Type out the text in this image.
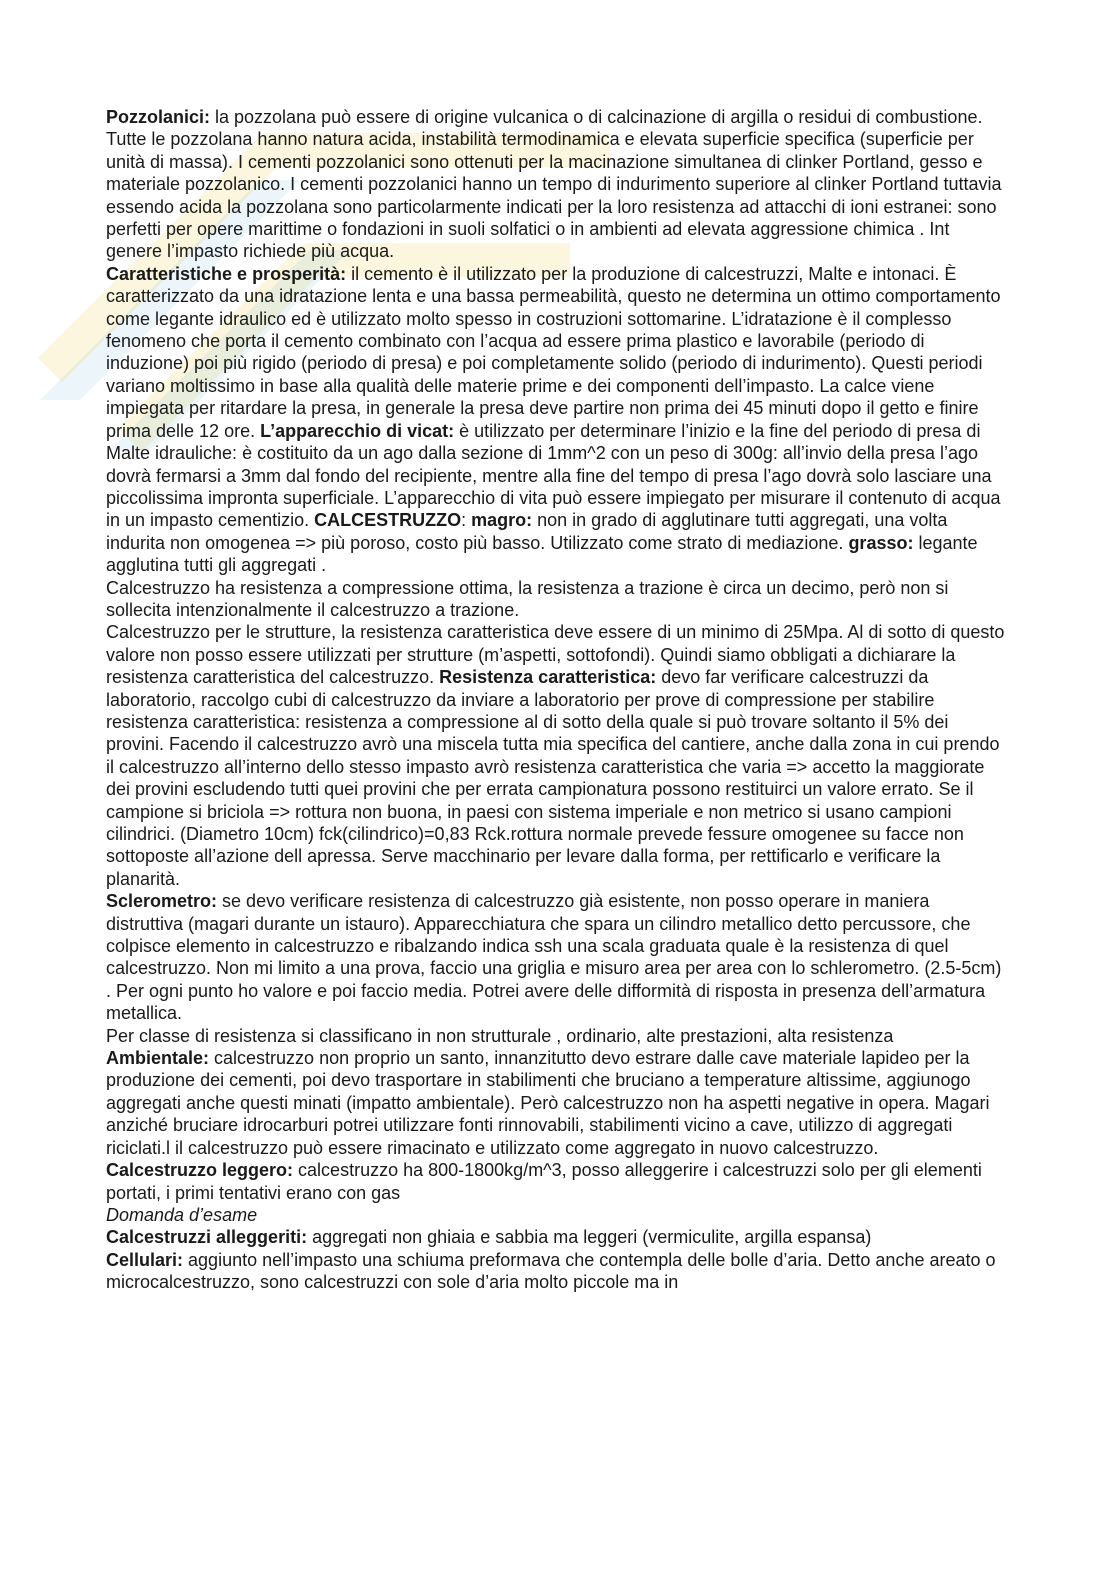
Pozzolanici: la pozzolana può essere di origine vulcanica o di calcinazione di argilla o residui di combustione. Tutte le pozzolana hanno natura acida, instabilità termodinamica e elevata superficie specifica (superficie per unità di massa). I cementi pozzolanici sono ottenuti per la macinazione simultanea di clinker Portland, gesso e materiale pozzolanico. I cementi pozzolanici hanno un tempo di indurimento superiore al clinker Portland tuttavia essendo acida la pozzolana sono particolarmente indicati per la loro resistenza ad attacchi di ioni estranei: sono perfetti per opere marittime o fondazioni in suoli solfatici o in ambienti ad elevata aggressione chimica . Int genere l’impasto richiede più acqua.

Caratteristiche e prosperità: il cemento è il utilizzato per la produzione di calcestruzzi, Malte e intonaci. È caratterizzato da una idratazione lenta e una bassa permeabilità, questo ne determina un ottimo comportamento come legante idraulico ed è utilizzato molto spesso in costruzioni sottomarine. L’idratazione è il complesso fenomeno che porta il cemento combinato con l’acqua ad essere prima plastico e lavorabile (periodo di induzione) poi più rigido (periodo di presa) e poi completamente solido (periodo di indurimento). Questi periodi variano moltissimo in base alla qualità delle materie prime e dei componenti dell’impasto. La calce viene impiegata per ritardare la presa, in generale la presa deve partire non prima dei 45 minuti dopo il getto e finire prima delle 12 ore. L’apparecchio di vicat: è utilizzato per determinare l’inizio e la fine del periodo di presa di Malte idrauliche: è costituito da un ago dalla sezione di 1mm^2 con un peso di 300g: all’invio della presa l’ago dovrà fermarsi a 3mm dal fondo del recipiente, mentre alla fine del tempo di presa l’ago dovrà solo lasciare una piccolissima impronta superficiale. L’apparecchio di vita può essere impiegato per misurare il contenuto di acqua in un impasto cementizio. CALCESTRUZZO: magro: non in grado di agglutinare tutti aggregati, una volta indurita non omogenea => più poroso, costo più basso. Utilizzato come strato di mediazione. grasso: legante agglutina tutti gli aggregati .

Calcestruzzo ha resistenza a compressione ottima, la resistenza a trazione è circa un decimo, però non si sollecita intenzionalmente il calcestruzzo a trazione.

Calcestruzzo per le strutture, la resistenza caratteristica deve essere di un minimo di 25Mpa. Al di sotto di questo valore non posso essere utilizzati per strutture (m’aspetti, sottofondi). Quindi siamo obbligati a dichiarare la resistenza caratteristica del calcestruzzo. Resistenza caratteristica: devo far verificare calcestruzzi da laboratorio, raccolgo cubi di calcestruzzo da inviare a laboratorio per prove di compressione per stabilire resistenza caratteristica: resistenza a compressione al di sotto della quale si può trovare soltanto il 5% dei provini. Facendo il calcestruzzo avrò una miscela tutta mia specifica del cantiere, anche dalla zona in cui prendo il calcestruzzo all’interno dello stesso impasto avrò resistenza caratteristica che varia => accetto la maggiorate dei provini escludendo tutti quei provini che per errata campionatura possono restituirci un valore errato. Se il campione si briciola => rottura non buona, in paesi con sistema imperiale e non metrico si usano campioni cilindrici. (Diametro 10cm) fck(cilindrico)=0,83 Rck.rottura normale prevede fessure omogenee su facce non sottoposte all’azione dell apressa. Serve macchinario per levare dalla forma, per rettificarlo e verificare la planarità.

Sclerometro: se devo verificare resistenza di calcestruzzo già esistente, non posso operare in maniera distruttiva (magari durante un istauro). Apparecchiatura che spara un cilindro metallico detto percussore, che colpisce elemento in calcestruzzo e ribalzando indica ssh una scala graduata quale è la resistenza di quel calcestruzzo. Non mi limito a una prova, faccio una griglia e misuro area per area con lo schlerometro. (2.5-5cm) . Per ogni punto ho valore e poi faccio media. Potrei avere delle difformità di risposta in presenza dell’armatura metallica.

Per classe di resistenza si classificano in non strutturale , ordinario, alte prestazioni, alta resistenza

Ambientale: calcestruzzo non proprio un santo, innanzitutto devo estrare dalle cave materiale lapideo per la produzione dei cementi, poi devo trasportare in stabilimenti che bruciano a temperature altissime, aggiunogo aggregati anche questi minati (impatto ambientale). Però calcestruzzo non ha aspetti negative in opera. Magari anziché bruciare idrocarburi potrei utilizzare fonti rinnovabili, stabilimenti vicino a cave, utilizzo di aggregati riciclati.l il calcestruzzo può essere rimacinato e utilizzato come aggregato in nuovo calcestruzzo.

Calcestruzzo leggero: calcestruzzo ha 800-1800kg/m^3, posso alleggerire i calcestruzzi solo per gli elementi portati, i primi tentativi erano con gas

Domanda d’esame

Calcestruzzi alleggeriti: aggregati non ghiaia e sabbia ma leggeri (vermiculite, argilla espansa)

Cellulari: aggiunto nell’impasto una schiuma preformava che contempla delle bolle d’aria. Detto anche areato o microcalcestruzzo, sono calcestruzzi con sole d’aria molto piccole ma in
